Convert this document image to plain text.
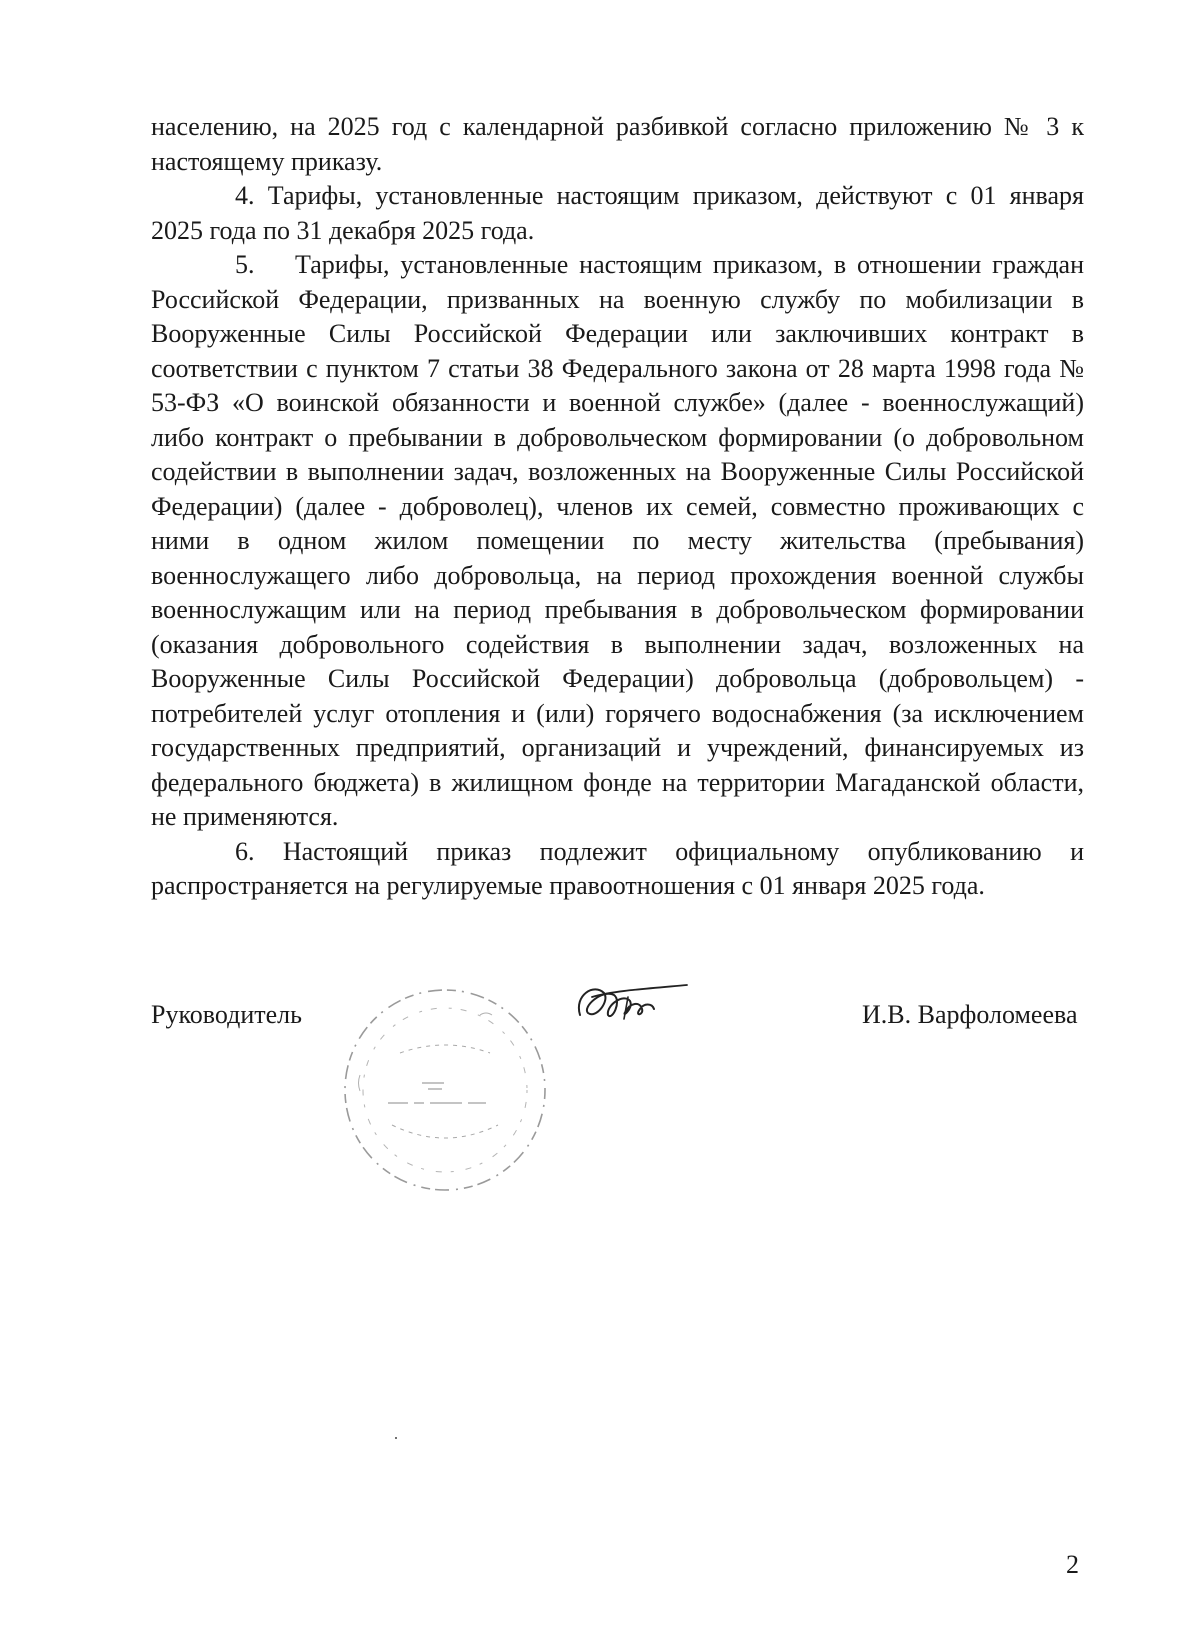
населению, на 2025 год с календарной разбивкой согласно приложению № 3 к настоящему приказу.

4. Тарифы, установленные настоящим приказом, действуют с 01 января 2025 года по 31 декабря 2025 года.

5. Тарифы, установленные настоящим приказом, в отношении граждан Российской Федерации, призванных на военную службу по мобилизации в Вооруженные Силы Российской Федерации или заключивших контракт в соответствии с пунктом 7 статьи 38 Федерального закона от 28 марта 1998 года № 53-ФЗ «О воинской обязанности и военной службе» (далее - военнослужащий) либо контракт о пребывании в добровольческом формировании (о добровольном содействии в выполнении задач, возложенных на Вооруженные Силы Российской Федерации) (далее - доброволец), членов их семей, совместно проживающих с ними в одном жилом помещении по месту жительства (пребывания) военнослужащего либо добровольца, на период прохождения военной службы военнослужащим или на период пребывания в добровольческом формировании (оказания добровольного содействия в выполнении задач, возложенных на Вооруженные Силы Российской Федерации) добровольца (добровольцем) - потребителей услуг отопления и (или) горячего водоснабжения (за исключением государственных предприятий, организаций и учреждений, финансируемых из федерального бюджета) в жилищном фонде на территории Магаданской области, не применяются.

6. Настоящий приказ подлежит официальному опубликованию и распространяется на регулируемые правоотношения с 01 января 2025 года.

Руководитель	И.В. Варфоломеева
2
